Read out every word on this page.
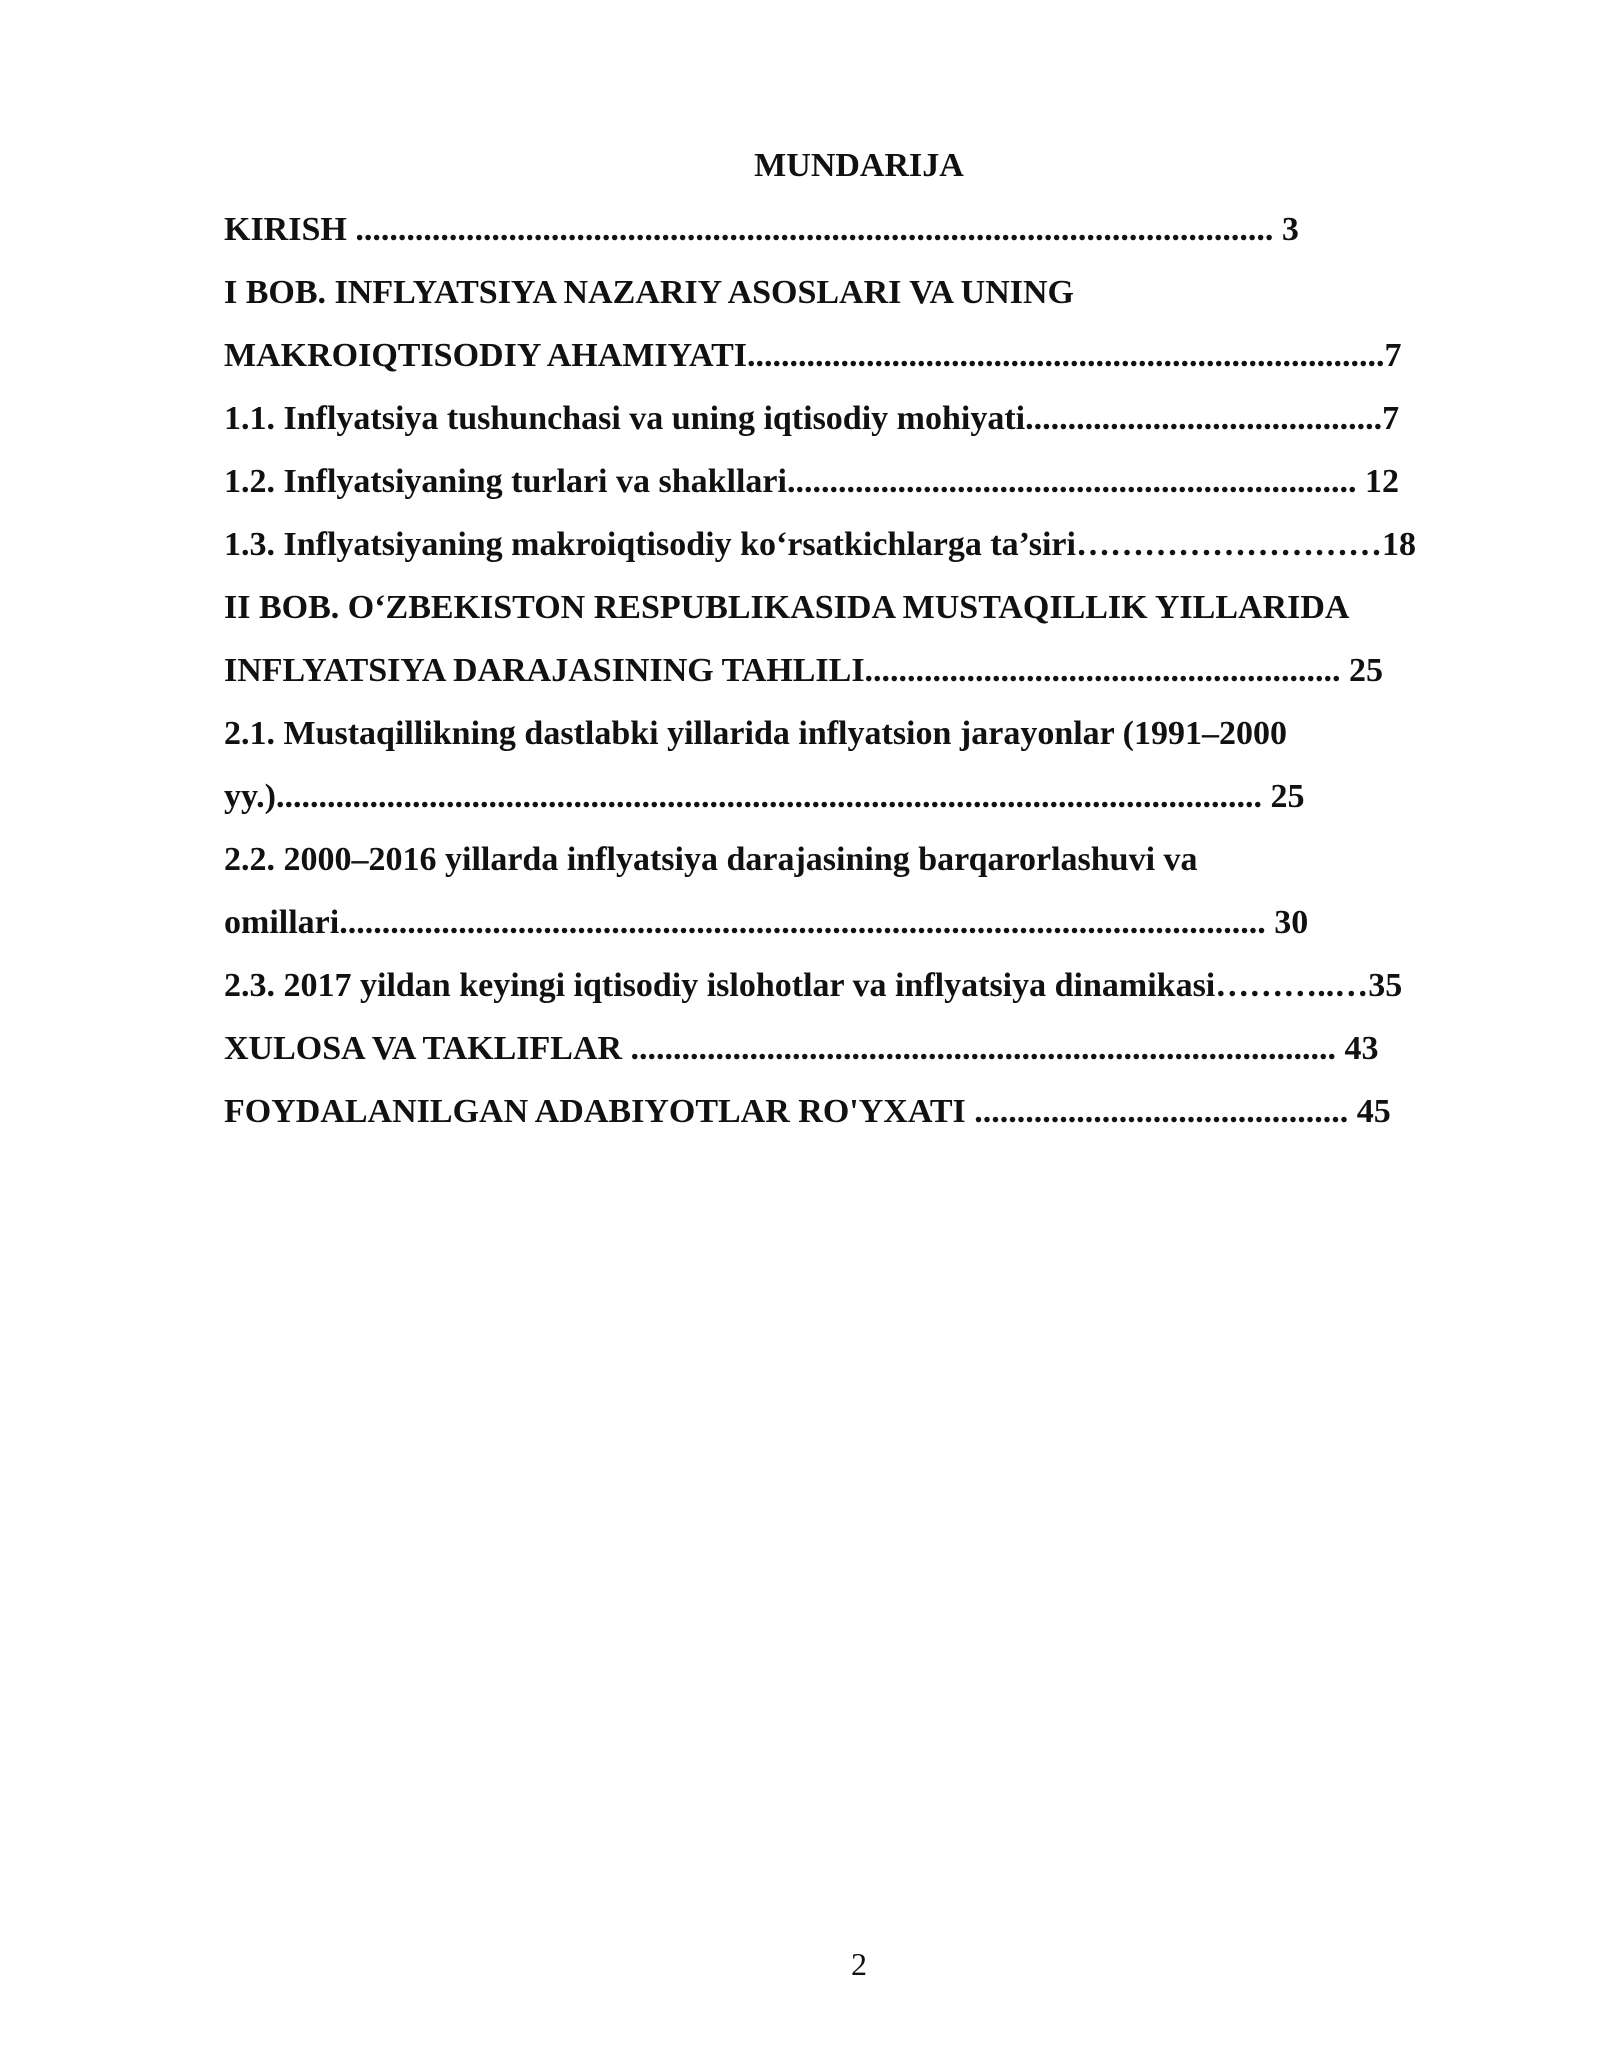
MUNDARIJA
KIRISH ............................................................................................................ 3
I BOB. INFLYATSIYA NAZARIY ASOSLARI VA UNING
MAKROIQTISODIY AHAMIYATI...........................................................................7
1.1. Inflyatsiya tushunchasi va uning iqtisodiy mohiyati..........................................7
1.2. Inflyatsiyaning turlari va shakllari................................................................... 12
1.3. Inflyatsiyaning makroiqtisodiy ko‘rsatkichlarga ta’siri………………………18
II BOB. O‘ZBEKISTON RESPUBLIKASIDA MUSTAQILLIK YILLARIDA
INFLYATSIYA DARAJASINING TAHLILI........................................................ 25
2.1. Mustaqillikning dastlabki yillarida inflyatsion jarayonlar (1991–2000
yy.).................................................................................................................... 25
2.2. 2000–2016 yillarda inflyatsiya darajasining barqarorlashuvi va
omillari............................................................................................................. 30
2.3. 2017 yildan keyingi iqtisodiy islohotlar va inflyatsiya dinamikasi………..…35
XULOSA VA TAKLIFLAR ................................................................................... 43
FOYDALANILGAN ADABIYOTLAR RO'YXATI ............................................ 45
2
